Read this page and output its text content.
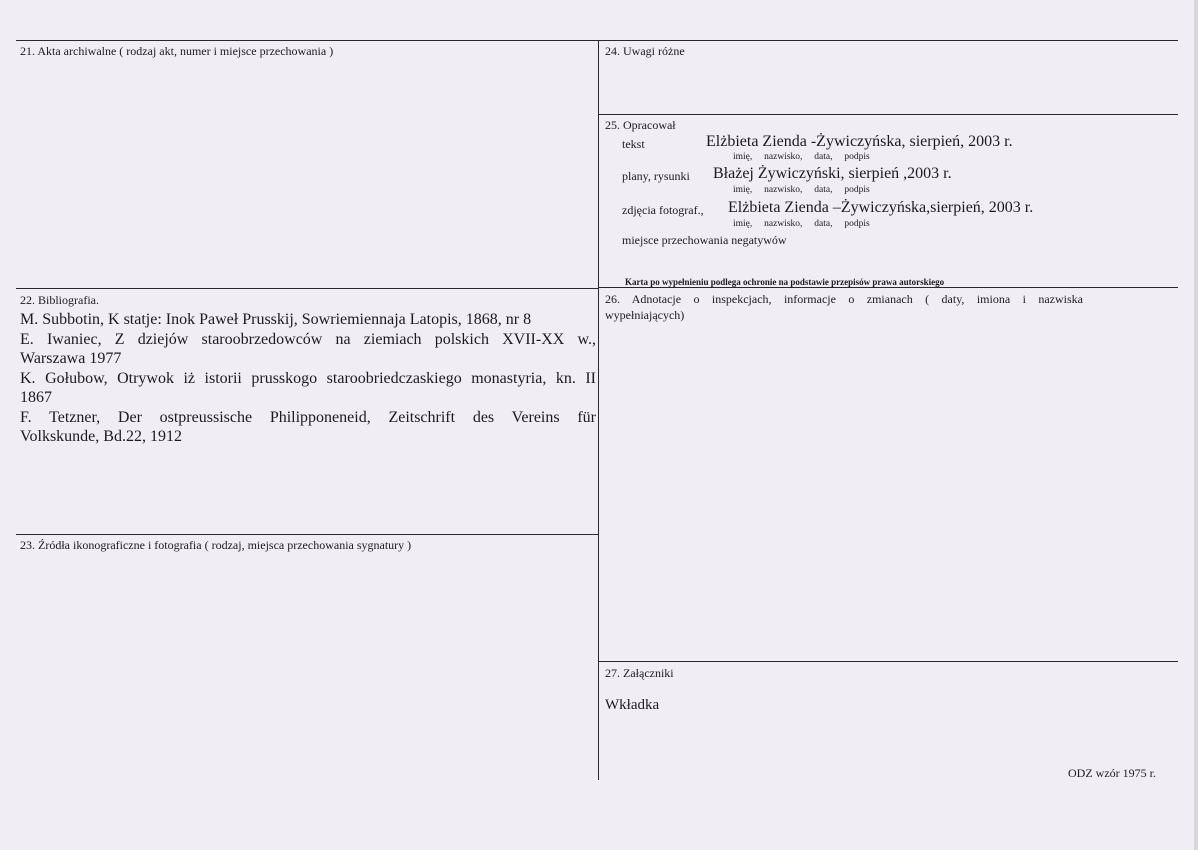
21. Akta archiwalne ( rodzaj akt, numer i miejsce przechowania )
22. Bibliografia.
M. Subbotin, K statje: Inok Paweł Prusskij, Sowriemiennaja Latopis, 1868, nr 8
E. Iwaniec, Z dziejów staroobrzedowców na ziemiach polskich XVII-XX w.,
Warszawa 1977
K. Gołubow, Otrywok iż istorii prusskogo staroobriedczaskiego monastyria, kn. II
1867
F. Tetzner, Der ostpreussische Philipponeneid, Zeitschrift des Vereins für
Volkskunde, Bd.22, 1912
23. Źródła ikonograficzne i fotografia ( rodzaj, miejsca przechowania sygnatury )
24. Uwagi różne
25. Opracował
tekst	Elżbieta Zienda -Żywiczyńska, sierpień, 2003 r.
imię,     nazwisko,     data,     podpis
plany, rysunki Błażej Żywiczyński, sierpień ,2003 r.
imię,     nazwisko,     data,     podpis
zdjęcia fotograf., Elżbieta Zienda –Żywiczyńska,sierpień, 2003 r.
imię,     nazwisko,     data,     podpis
miejsce przechowania negatywów
Karta po wypełnieniu podlega ochronie na podstawie przepisów prawa autorskiego
26. Adnotacje o inspekcjach, informacje o zmianach ( daty, imiona i nazwiska
wypełniających)
27. Załączniki
Wkładka
ODZ wzór 1975 r.
